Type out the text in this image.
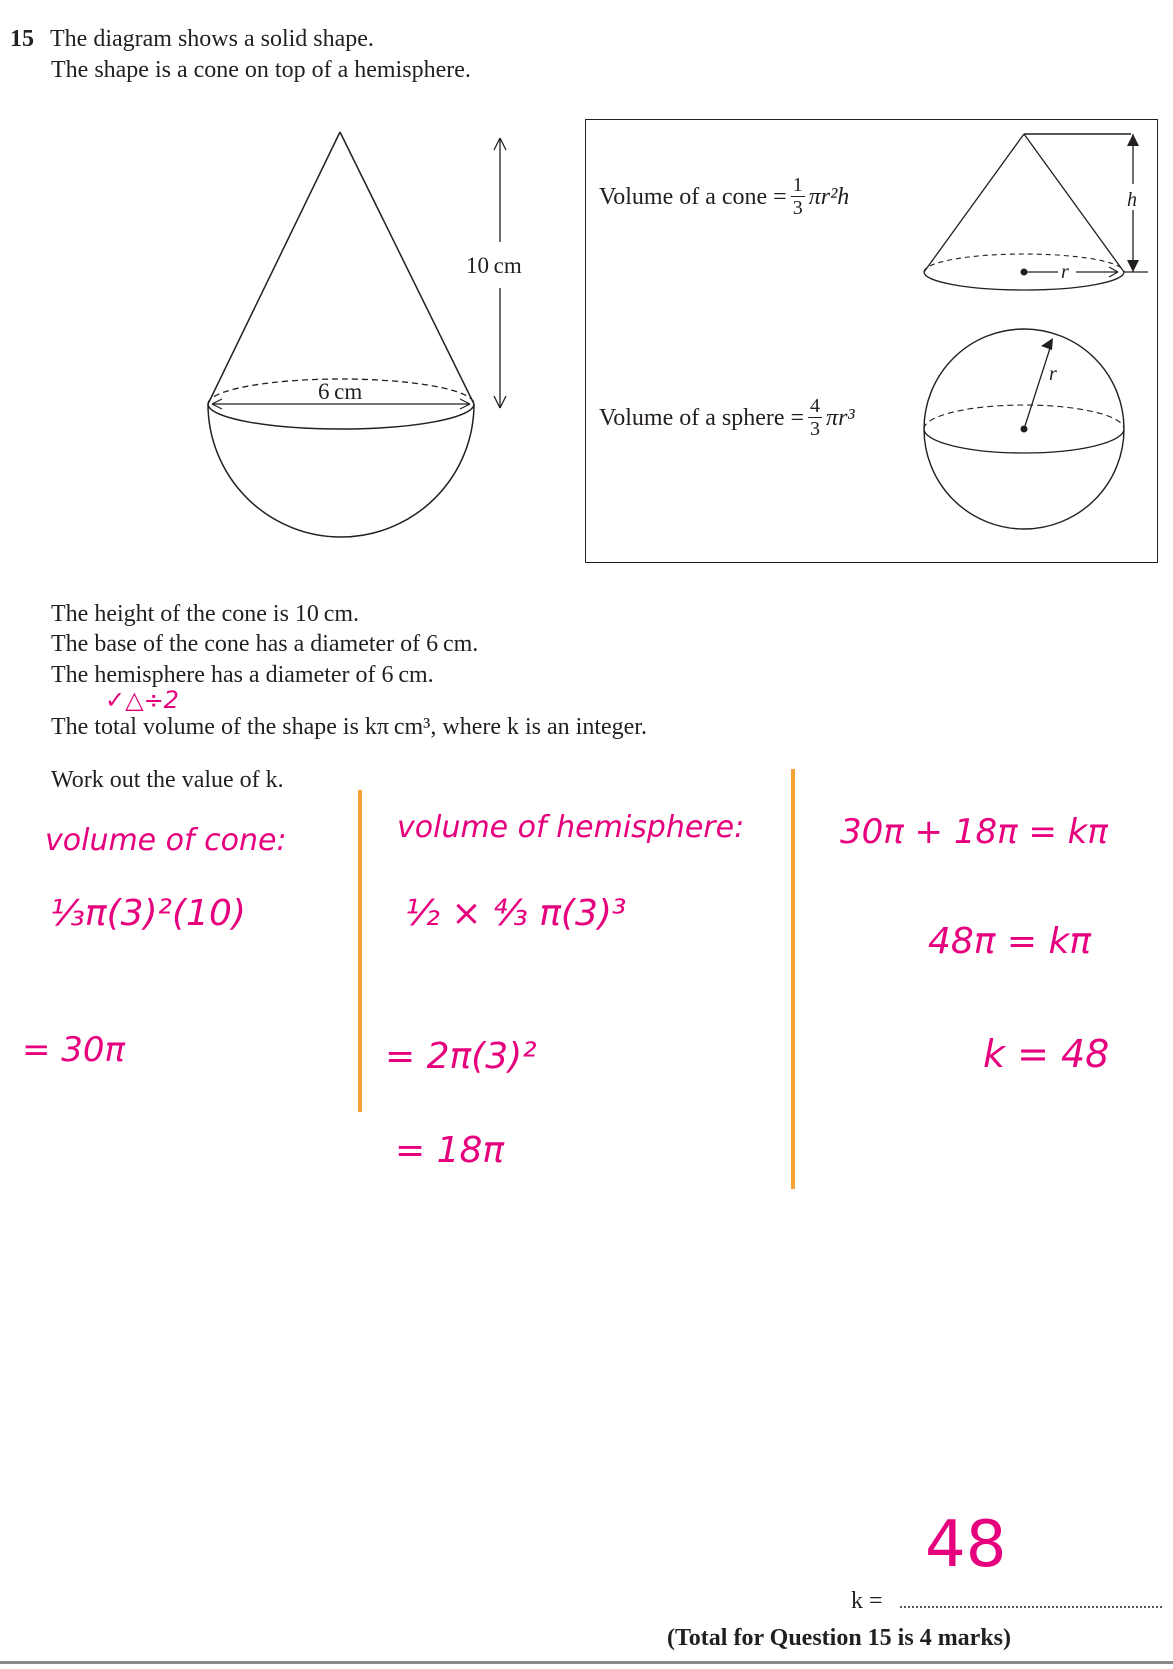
15 The diagram shows a solid shape.
The shape is a cone on top of a hemisphere.
10 cm
6 cm
Volume of a cone = $\frac{1}{3} \pi r^2h$
Volume of a sphere = $\frac{4}{3} \pi r^3$
r
h
r
The height of the cone is 10 cm.
The base of the cone has a diameter of 6 cm.
The hemisphere has a diameter of 6 cm.
✓△÷2
The total volume of the shape is kπ cm³, where k is an integer.
Work out the value of k.
volume of cone:
⅓π(3)²(10)
= 30π
volume of hemisphere:
½ × ⁴⁄₃ π(3)³
= 2π(3)²
= 18π
30π + 18π = kπ
48π = kπ
k = 48
k =
48
(Total for Question 15 is 4 marks)
